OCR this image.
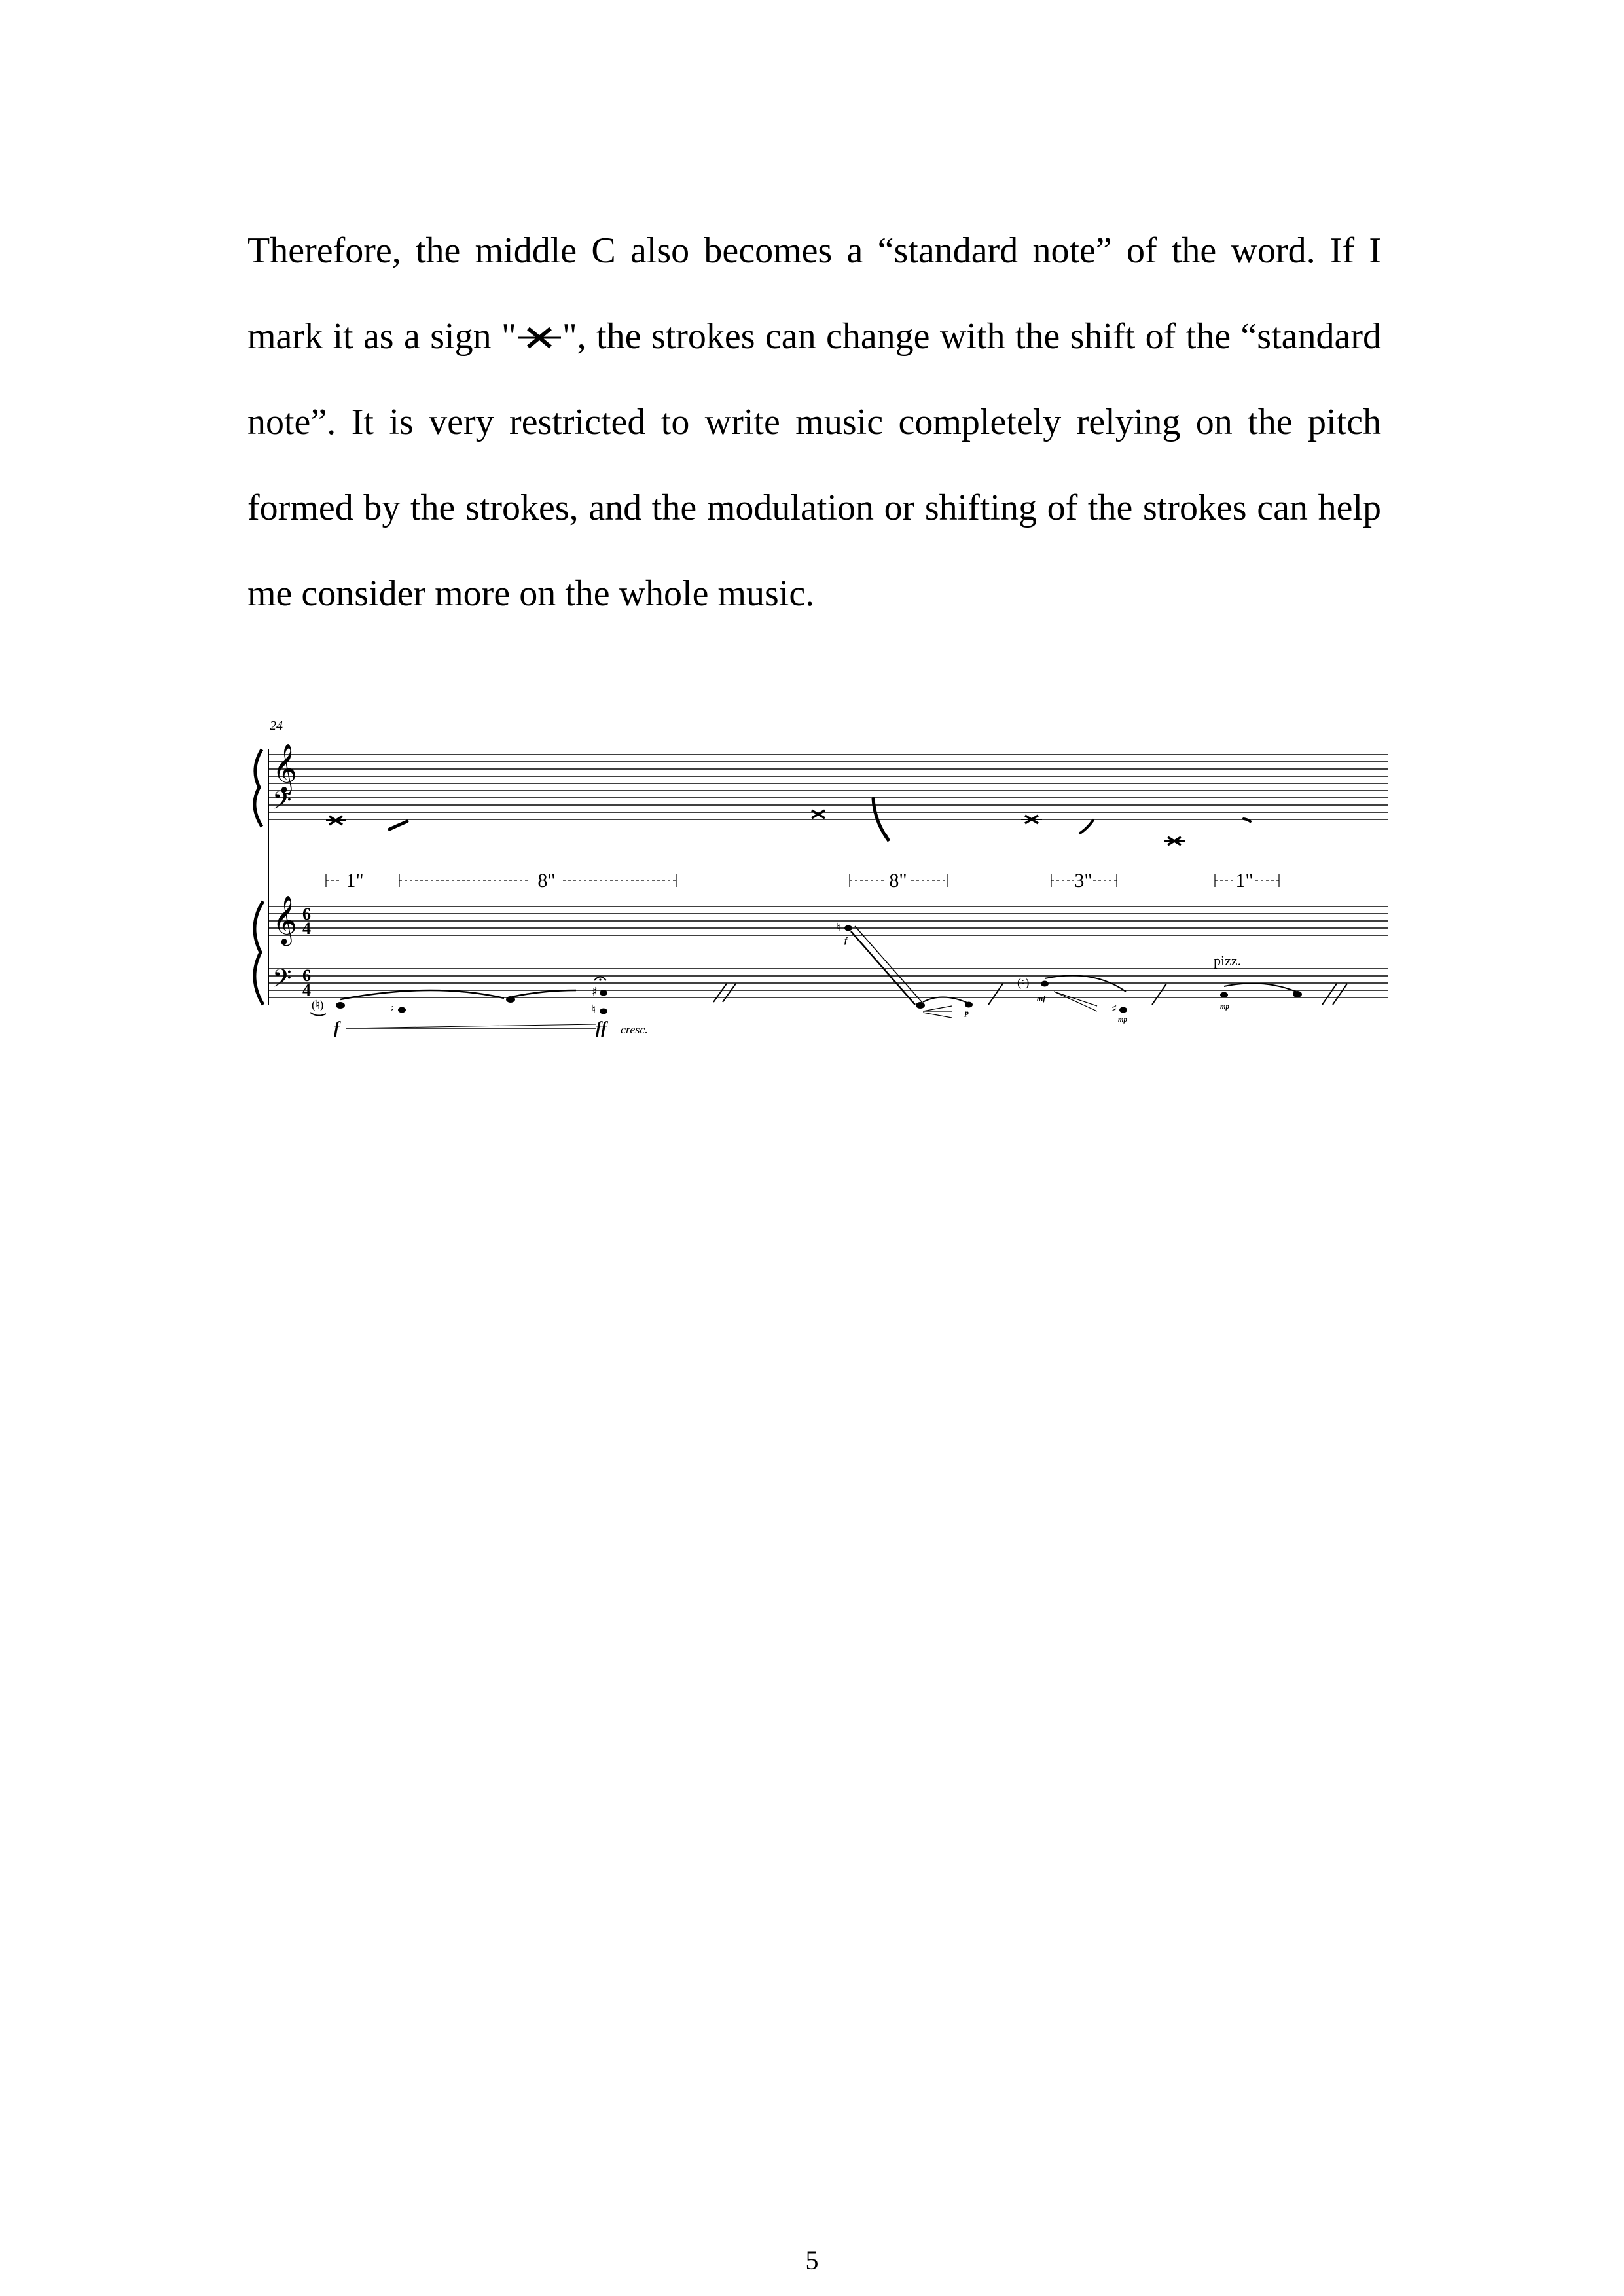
Therefore, the middle C also becomes a “standard note” of the word. If I mark it as a sign " ", the strokes can change with the shift of the “standard note”. It is very restricted to write music completely relying on the pitch formed by the strokes, and the modulation or shifting of the strokes can help me consider more on the whole music.

24
𝄞
𝄢
1"	8"	8"	3"	1"
𝄞
𝄢
6
4
6
4
(♮)	♮
♯
♮
f	ff cresc.
♮
f
p
(♮)
mf
♯
mp
pizz.
mp
5
